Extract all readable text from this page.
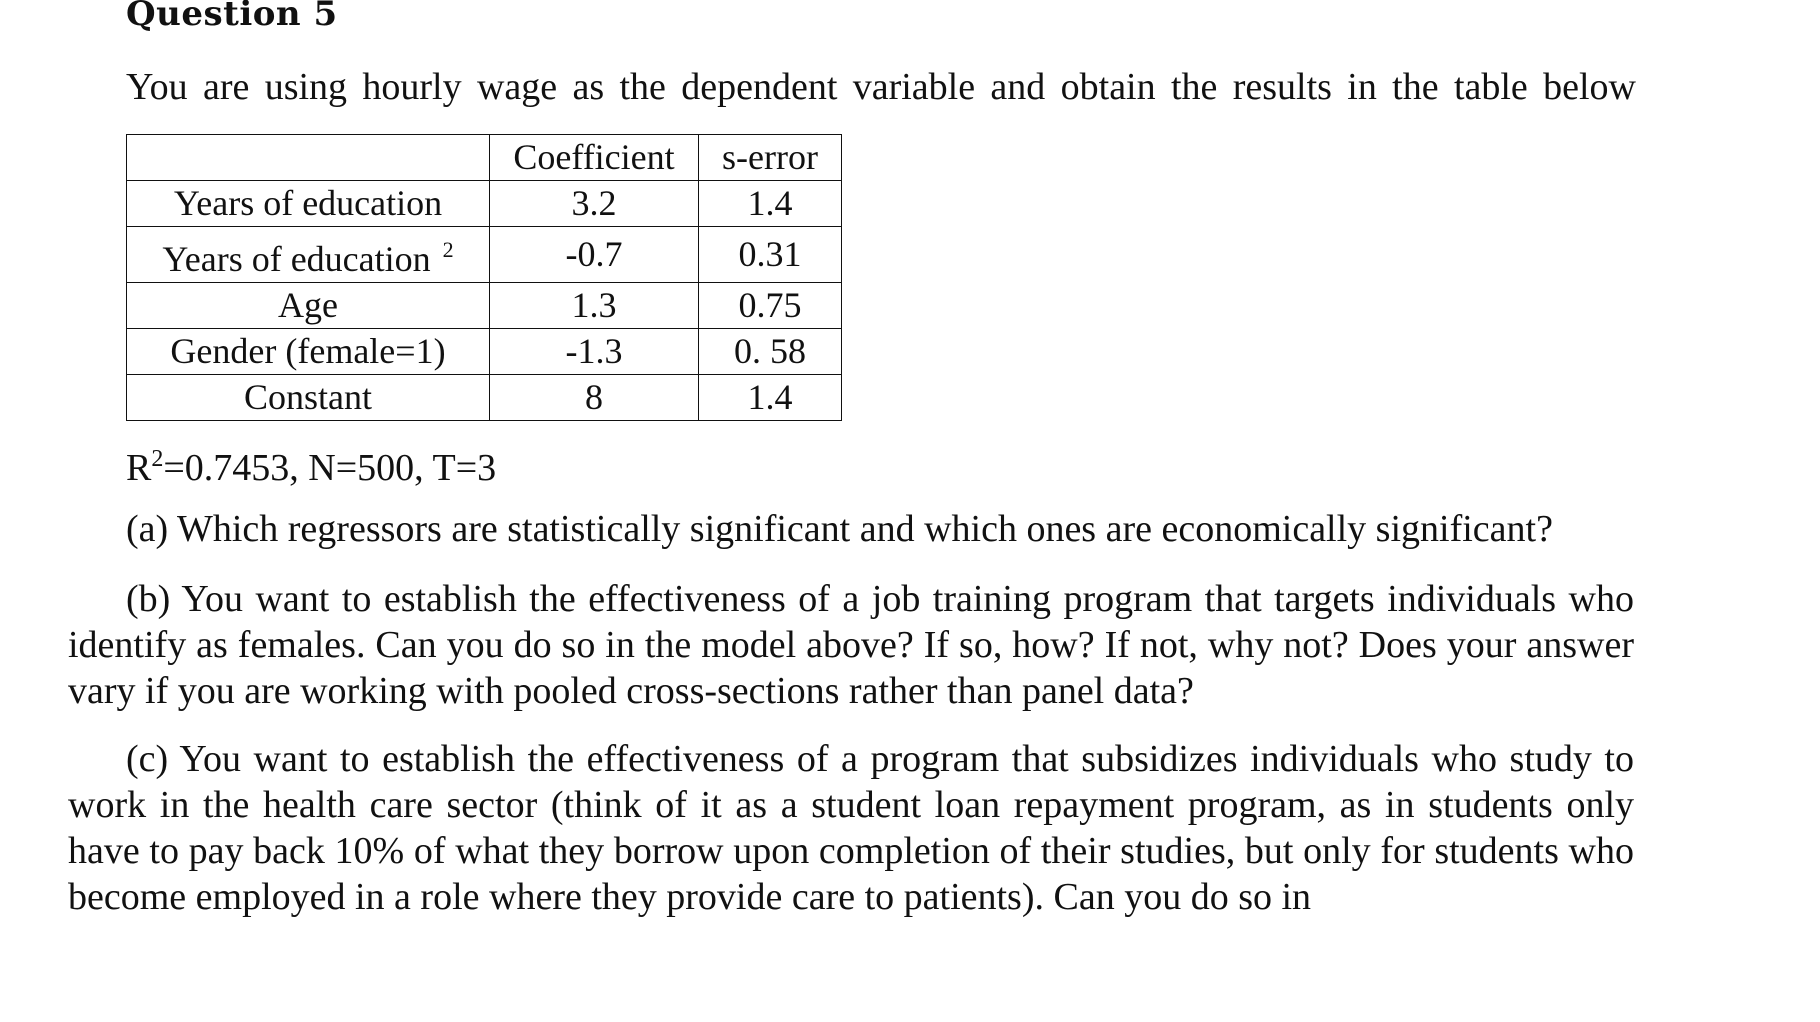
Question 5
You are using hourly wage as the dependent variable and obtain the results in the table below
	Coefficient	s-error
Years of education	3.2	1.4
Years of education $^2$	-0.7	0.31
Age	1.3	0.75
Gender (female=1)	-1.3	0. 58
Constant	8	1.4
$R^2=0.7453$, N=500, T=3
(a) Which regressors are statistically significant and which ones are economically significant?
(b) You want to establish the effectiveness of a job training program that targets individuals who identify as females. Can you do so in the model above? If so, how? If not, why not? Does your answer vary if you are working with pooled cross-sections rather than panel data?
(c) You want to establish the effectiveness of a program that subsidizes individuals who study to work in the health care sector (think of it as a student loan repayment program, as in students only have to pay back 10% of what they borrow upon completion of their studies, but only for students who become employed in a role where they provide care to patients). Can you do so in
